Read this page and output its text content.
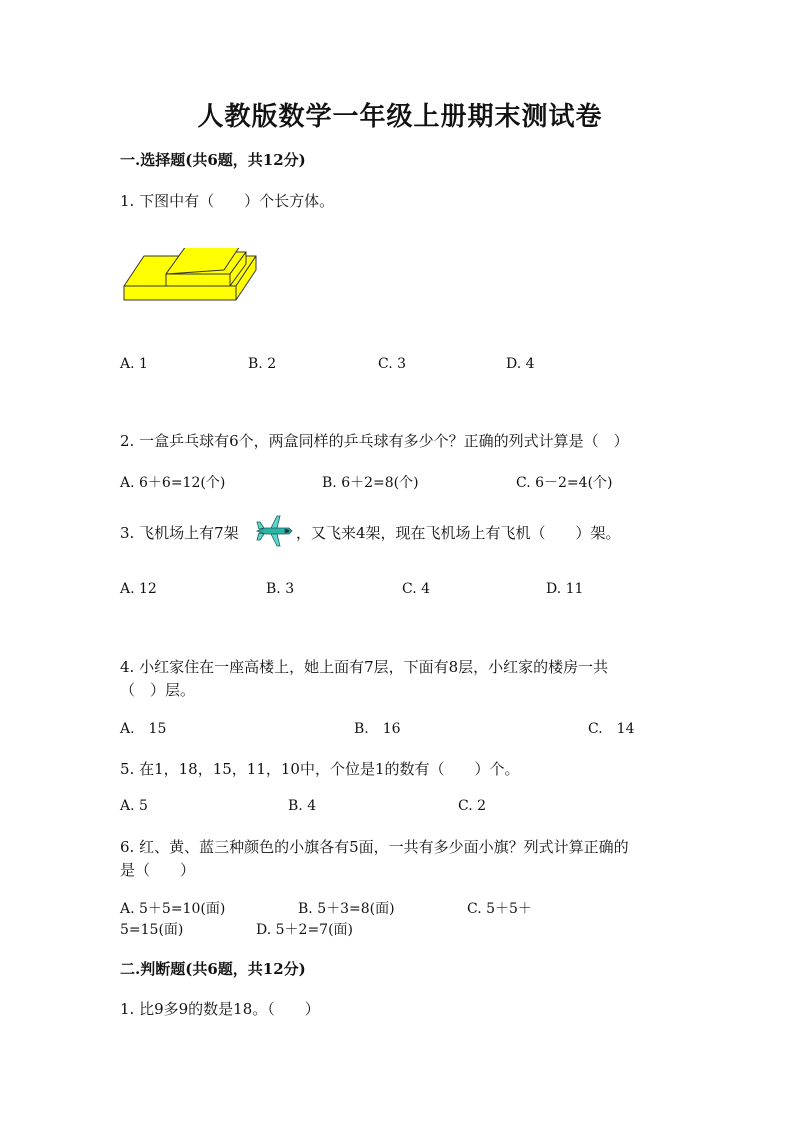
人教版数学一年级上册期末测试卷
一.选择题(共6题，共12分)
1. 下图中有（　　）个长方体。
A. 1	B. 2	C. 3	D. 4
2. 一盒乒乓球有6个，两盒同样的乒乓球有多少个？正确的列式计算是（　）
A. 6＋6=12(个)	B. 6＋2=8(个)	C. 6－2=4(个)
3. 飞机场上有7架	，又飞来4架，现在飞机场上有飞机（　　）架。
A. 12	B. 3	C. 4	D. 11
4. 小红家住在一座高楼上，她上面有7层，下面有8层，小红家的楼房一共
（　）层。
A.　15	B.　16	C.　14
5. 在1，18，15，11，10中，个位是1的数有（　　）个。
A. 5	B. 4	C. 2
6. 红、黄、蓝三种颜色的小旗各有5面，一共有多少面小旗？列式计算正确的
是（　　）
A. 5＋5=10(面)	B. 5＋3=8(面)	C. 5＋5＋
5=15(面)	D. 5＋2=7(面)
二.判断题(共6题，共12分)
1. 比9多9的数是18。（　　）
